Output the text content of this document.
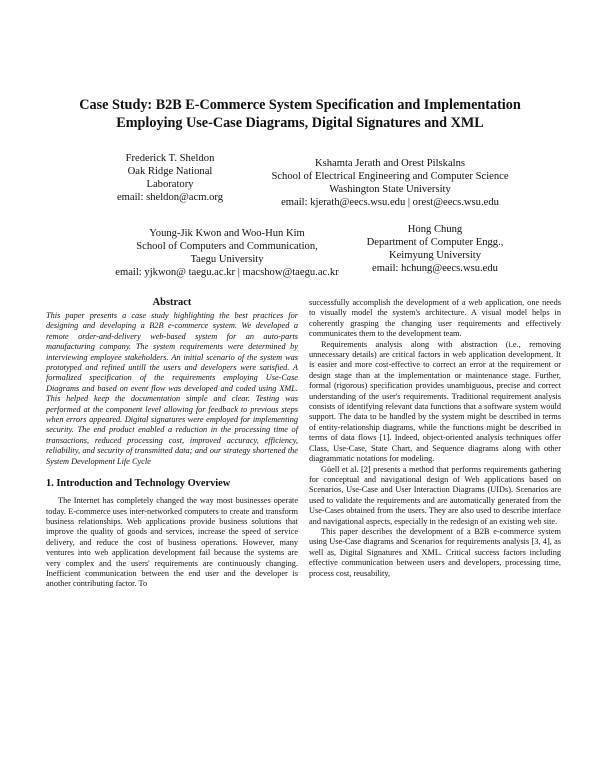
Case Study: B2B E-Commerce System Specification and Implementation
Employing Use-Case Diagrams, Digital Signatures and XML
Frederick T. Sheldon
Oak Ridge National
Laboratory
email: sheldon@acm.org
Kshamta Jerath and Orest Pilskalns
School of Electrical Engineering and Computer Science
Washington State University
email: kjerath@eecs.wsu.edu | orest@eecs.wsu.edu
Young-Jik Kwon and Woo-Hun Kim
School of Computers and Communication,
Taegu University
email: yjkwon@ taegu.ac.kr | macshow@taegu.ac.kr
Hong Chung
Department of Computer Engg.,
Keimyung University
email: hchung@eecs.wsu.edu
Abstract

This paper presents a case study highlighting the best practices for designing and developing a B2B e-commerce system. We developed a remote order-and-delivery web-based system for an auto-parts manufacturing company. The system requirements were determined by interviewing employee stakeholders. An initial scenario of the system was prototyped and refined untill the users and developers were satisfied. A formalized specification of the requirements employing Use-Case Diagrams and based on event flow was developed and coded using XML. This helped keep the documentation simple and clear. Testing was performed at the component level allowing for feedback to previous steps when errors appeared. Digital signatures were employed for implementing security. The end product enabled a reduction in the processing time of transactions, reduced processing cost, improved accuracy, efficiency, reliability, and security of transmitted data; and our strategy shortened the System Development Life Cycle

1. Introduction and Technology Overview

The Internet has completely changed the way most businesses operate today. E-commerce uses inter-networked computers to create and transform business relationships. Web applications provide business solutions that improve the quality of goods and services, increase the speed of service delivery, and reduce the cost of business operations. However, many ventures into web application development fail because the systems are very complex and the users' requirements are continuously changing. Inefficient communication between the end user and the developer is another contributing factor. To

successfully accomplish the development of a web application, one needs to visually model the system's architecture. A visual model helps in coherently grasping the changing user requirements and effectively communicates them to the development team.

Requirements analysis along with abstraction (i.e., removing unnecessary details) are critical factors in web application development. It is easier and more cost-effective to correct an error at the requirement or design stage than at the implementation or maintenance stage. Further, formal (rigorous) specification provides unambiguous, precise and correct understanding of the user's requirements. Traditional requirement analysis consists of identifying relevant data functions that a software system would support. The data to be handled by the system might be described in terms of entity-relationship diagrams, while the functions might be described in terms of data flows [1]. Indeed, object-oriented analysis techniques offer Class, Use-Case, State Chart, and Sequence diagrams along with other diagrammatic notations for modeling.

Güell et al. [2] presents a method that performs requirements gathering for conceptual and navigational design of Web applications based on Scenarios, Use-Case and User Interaction Diagrams (UIDs). Scenarios are used to validate the requirements and are automatically generated from the Use-Cases obtained from the users. They are also used to describe interface and navigational aspects, especially in the redesign of an existing web site.

This paper describes the development of a B2B e-commerce system using Use-Case diagrams and Scenarios for requirements analysis [3, 4], as well as, Digital Signatures and XML. Critical success factors including effective communication between users and developers, processing time, process cost, reusability,
